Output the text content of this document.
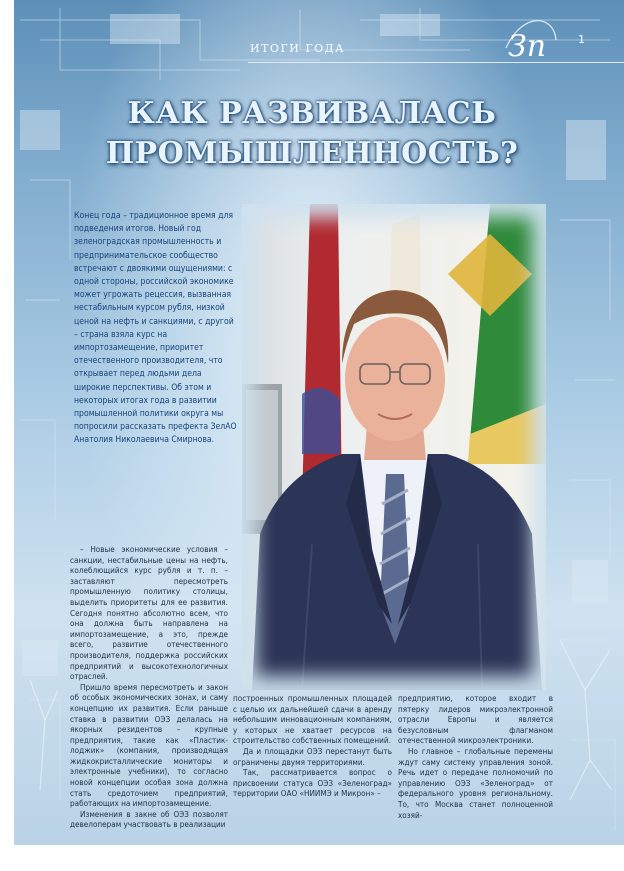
ИТОГИ ГОДА	Зп	1
КАК РАЗВИВАЛАСЬ
ПРОМЫШЛЕННОСТЬ?
Конец года – традиционное время для подведения итогов. Новый год зеленоградская промышленность и предпринимательское сообщество встречают с двоякими ощущениями: с одной стороны, российской экономике может угрожать рецессия, вызванная нестабильным курсом рубля, низкой ценой на нефть и санкциями, с другой – страна взяла курс на импортозамещение, приоритет отечественного производителя, что открывает перед людьми дела широкие перспективы. Об этом и некоторых итогах года в развитии промышленной политики округа мы попросили рассказать префекта ЗелАО Анатолия Николаевича Смирнова.

– Новые экономические условия – санкции, нестабильные цены на нефть, колеблющийся курс рубля и т. п. – заставляют пересмотреть промышленную политику столицы, выделить приоритеты для ее развития. Сегодня понятно абсолютно всем, что она должна быть направлена на импортозамещение, а это, прежде всего, развитие отечественного производителя, поддержка российских предприятий и высокотехнологичных отраслей.

Пришло время пересмотреть и закон об особых экономических зонах, и саму концепцию их развития. Если раньше ставка в развитии ОЭЗ делалась на якорных резидентов – крупные предприятия, такие как «Пластик-лоджик» (компания, производящая жидкокристаллические мониторы и электронные учебники), то согласно новой концепции особая зона должна стать средоточием предприятий, работающих на импортозамещение.

Изменения в закне об ОЭЗ позволят девелоперам участвовать в реализации

построенных промышленных площадей с целью их дальнейшей сдачи в аренду небольшим инновационным компаниям, у которых не хватает ресурсов на строительство собственных помещений.

Да и площадки ОЭЗ перестанут быть ограничены двумя территориями.

Так, рассматривается вопрос о присвоении статуса ОЭЗ «Зеленоград» территории ОАО «НИИМЭ и Микрон» –

предприятию, которое входит в пятерку лидеров микроэлектронной отрасли Европы и является безусловным флагманом отечественной микроэлектроники.

Но главное – глобальные перемены ждут саму систему управления зоной. Речь идет о передаче полномочий по управлению ОЭЗ «Зеленоград» от федерального уровня региональному. То, что Москва станет полноценной хозяй-
